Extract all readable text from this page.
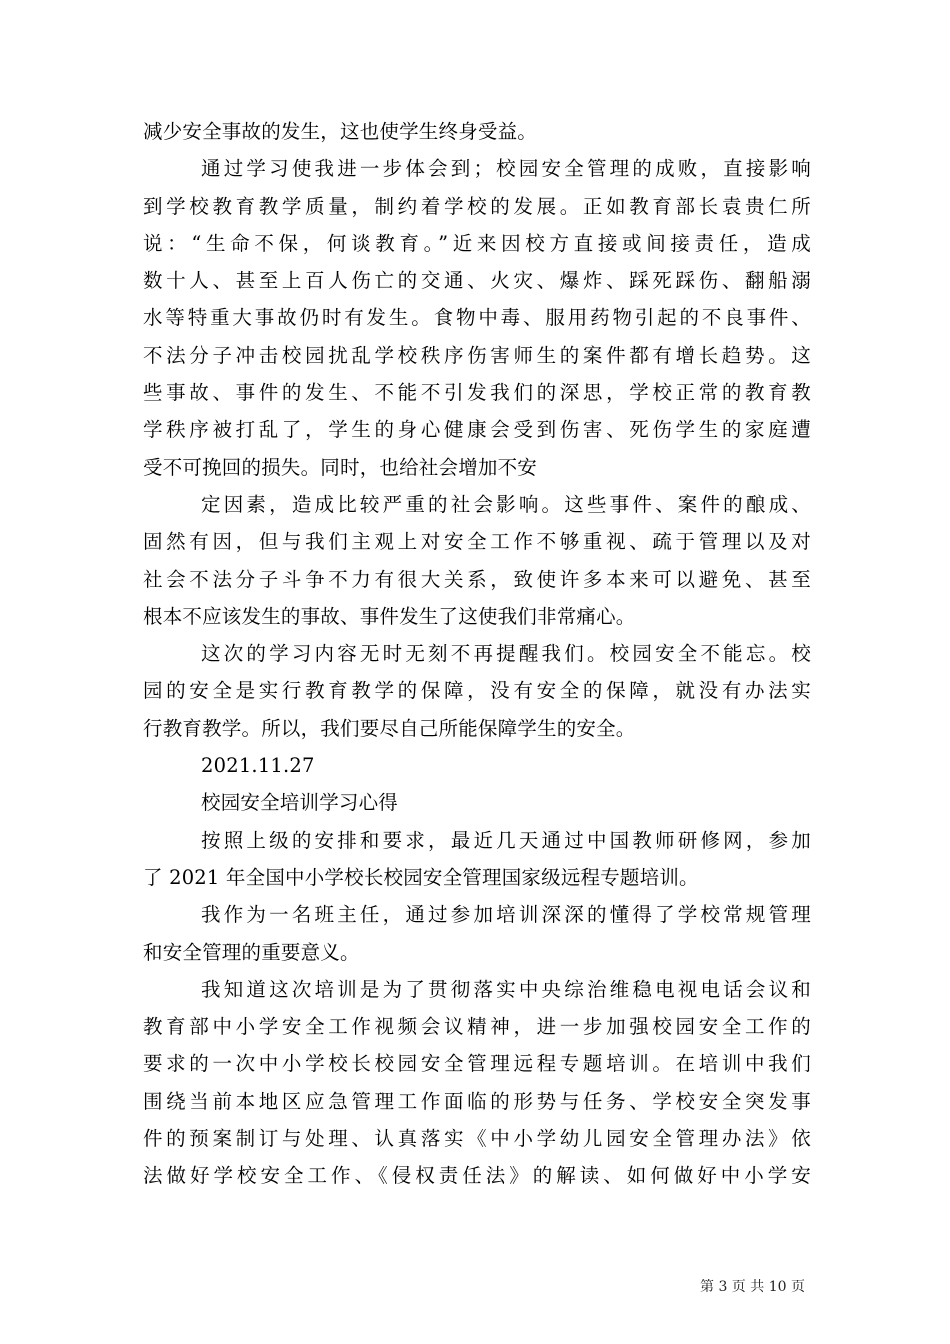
减少安全事故的发生，这也使学生终身受益。
通过学习使我进一步体会到；校园安全管理的成败，直接影响
到学校教育教学质量，制约着学校的发展。正如教育部长袁贵仁所
说：“生命不保，何谈教育。”近来因校方直接或间接责任，造成
数十人、甚至上百人伤亡的交通、火灾、爆炸、踩死踩伤、翻船溺
水等特重大事故仍时有发生。食物中毒、服用药物引起的不良事件、
不法分子冲击校园扰乱学校秩序伤害师生的案件都有增长趋势。这
些事故、事件的发生、不能不引发我们的深思，学校正常的教育教
学秩序被打乱了，学生的身心健康会受到伤害、死伤学生的家庭遭
受不可挽回的损失。同时，也给社会增加不安
定因素，造成比较严重的社会影响。这些事件、案件的酿成、
固然有因，但与我们主观上对安全工作不够重视、疏于管理以及对
社会不法分子斗争不力有很大关系，致使许多本来可以避免、甚至
根本不应该发生的事故、事件发生了这使我们非常痛心。
这次的学习内容无时无刻不再提醒我们。校园安全不能忘。校
园的安全是实行教育教学的保障，没有安全的保障，就没有办法实
行教育教学。所以，我们要尽自己所能保障学生的安全。
2021.11.27
校园安全培训学习心得
按照上级的安排和要求，最近几天通过中国教师研修网，参加
了 2021 年全国中小学校长校园安全管理国家级远程专题培训。
我作为一名班主任，通过参加培训深深的懂得了学校常规管理
和安全管理的重要意义。
我知道这次培训是为了贯彻落实中央综治维稳电视电话会议和
教育部中小学安全工作视频会议精神，进一步加强校园安全工作的
要求的一次中小学校长校园安全管理远程专题培训。在培训中我们
围绕当前本地区应急管理工作面临的形势与任务、学校安全突发事
件的预案制订与处理、认真落实《中小学幼儿园安全管理办法》依
法做好学校安全工作、《侵权责任法》的解读、如何做好中小学安
第 3 页 共 10 页
